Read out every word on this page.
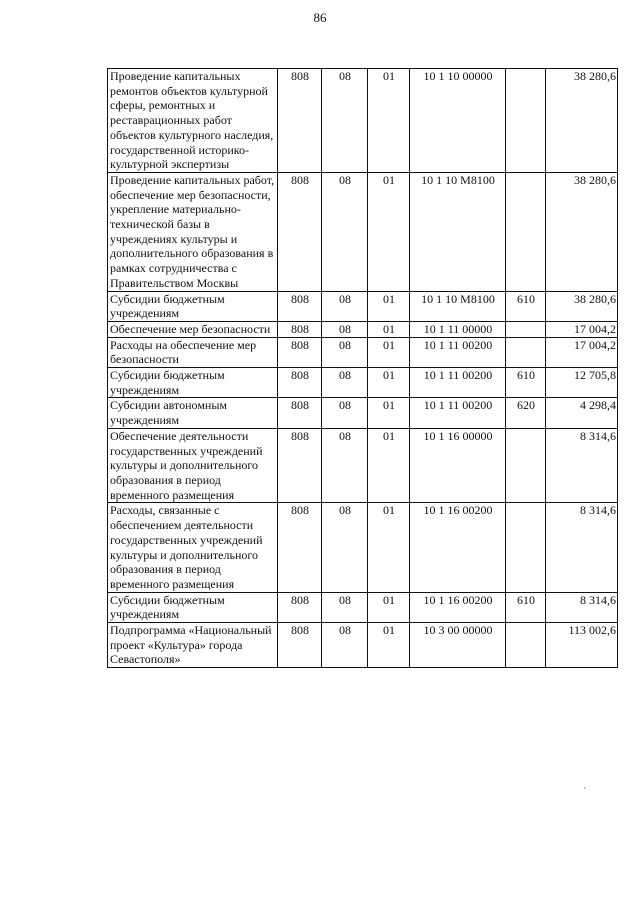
86
Проведение капитальных ремонтов объектов культурной сферы, ремонтных и реставрационных работ объектов культурного наследия, государственной историко-культурной экспертизы	808	08	01	10 1 10 00000		38 280,6
Проведение капитальных работ, обеспечение мер безопасности, укрепление материально-технической базы в учреждениях культуры и дополнительного образования в рамках сотрудничества с Правительством Москвы	808	08	01	10 1 10 М8100		38 280,6
Субсидии бюджетным учреждениям	808	08	01	10 1 10 М8100	610	38 280,6
Обеспечение мер безопасности	808	08	01	10 1 11 00000		17 004,2
Расходы на обеспечение мер безопасности	808	08	01	10 1 11 00200		17 004,2
Субсидии бюджетным учреждениям	808	08	01	10 1 11 00200	610	12 705,8
Субсидии автономным учреждениям	808	08	01	10 1 11 00200	620	4 298,4
Обеспечение деятельности государственных учреждений культуры и дополнительного образования в период временного размещения	808	08	01	10 1 16 00000		8 314,6
Расходы, связанные с обеспечением деятельности государственных учреждений культуры и дополнительного образования в период временного размещения	808	08	01	10 1 16 00200		8 314,6
Субсидии бюджетным учреждениям	808	08	01	10 1 16 00200	610	8 314,6
Подпрограмма «Национальный проект «Культура» города Севастополя»	808	08	01	10 3 00 00000		113 002,6
ˊ
